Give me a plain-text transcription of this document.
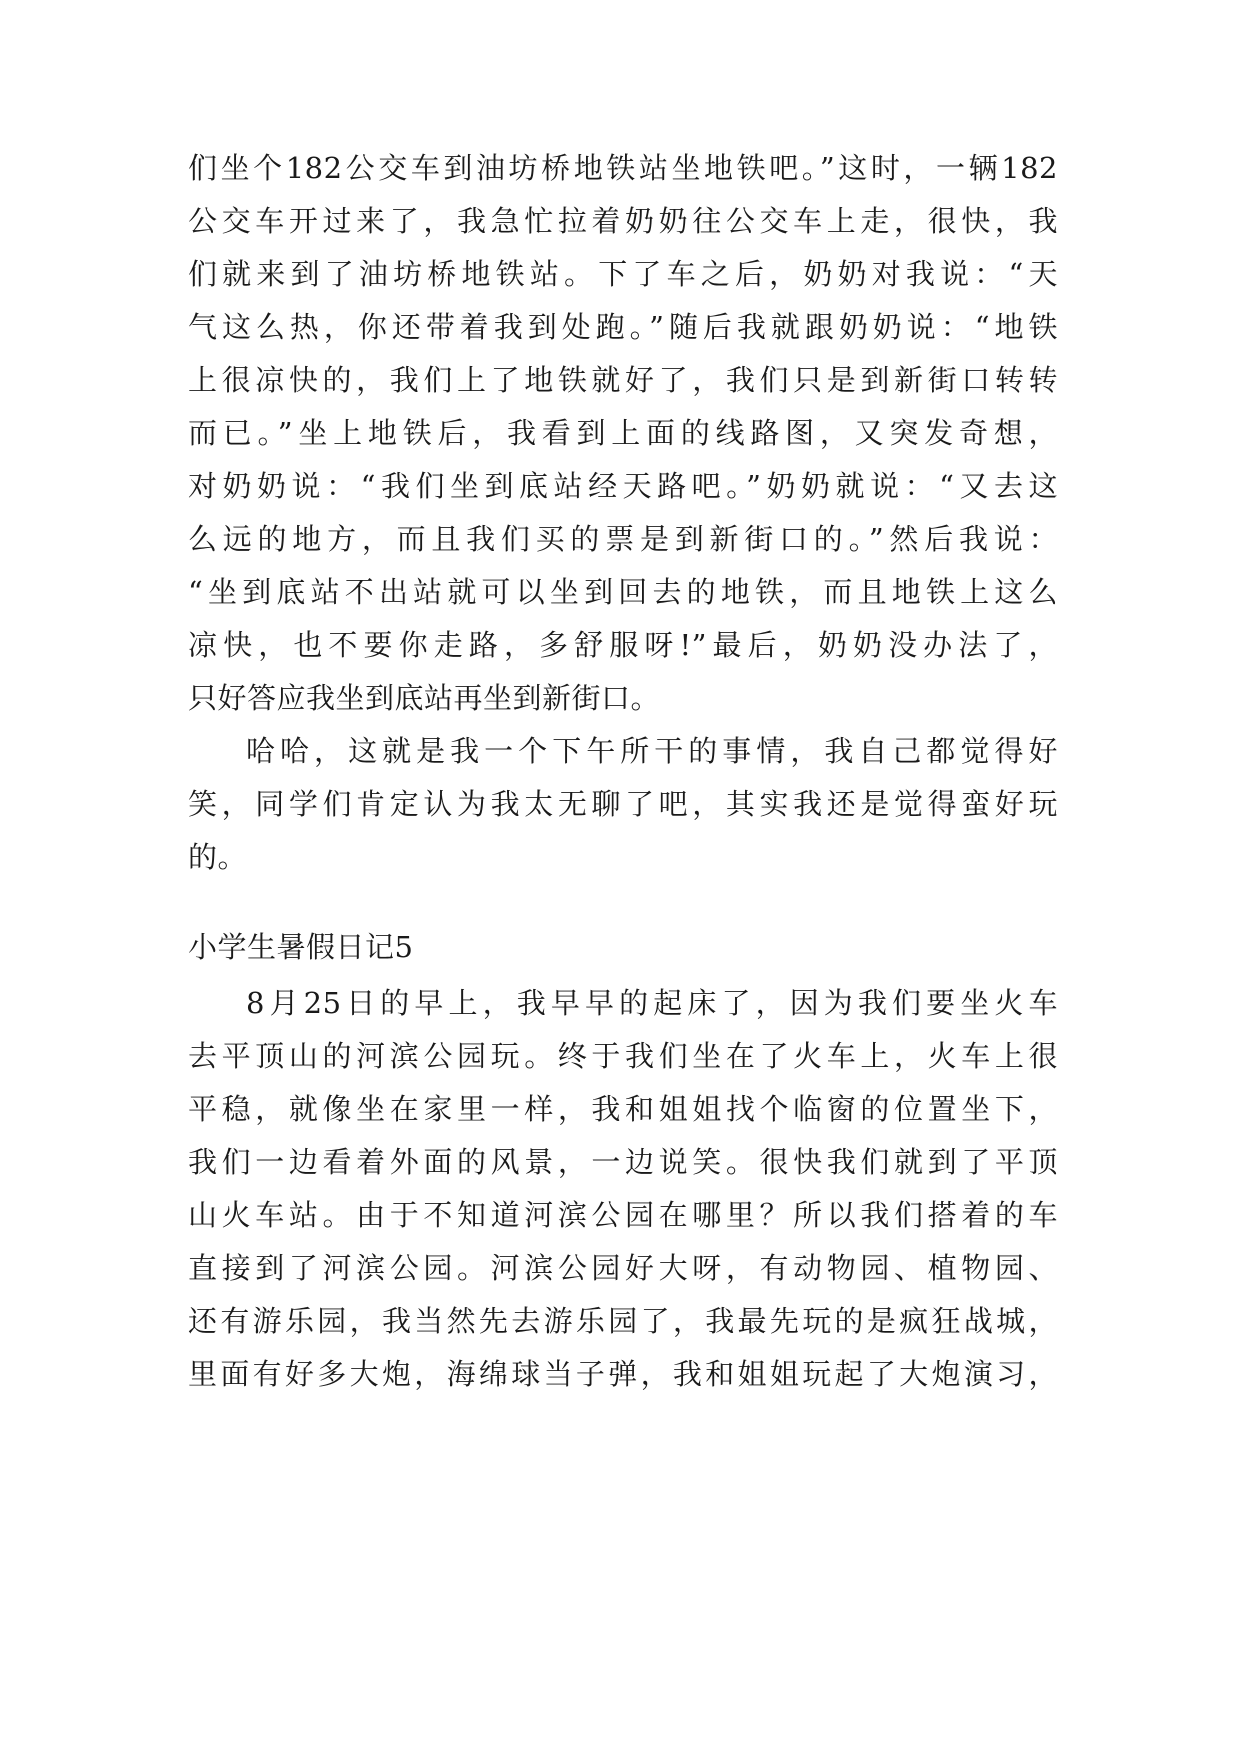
们坐个182公交车到油坊桥地铁站坐地铁吧。”这时，一辆182
公交车开过来了，我急忙拉着奶奶往公交车上走，很快，我
们就来到了油坊桥地铁站。下了车之后，奶奶对我说：“天
气这么热，你还带着我到处跑。”随后我就跟奶奶说：“地铁
上很凉快的，我们上了地铁就好了，我们只是到新街口转转
而已。”坐上地铁后，我看到上面的线路图，又突发奇想，
对奶奶说：“我们坐到底站经天路吧。”奶奶就说：“又去这
么远的地方，而且我们买的票是到新街口的。”然后我说：
“坐到底站不出站就可以坐到回去的地铁，而且地铁上这么
凉快，也不要你走路，多舒服呀!”最后，奶奶没办法了，
只好答应我坐到底站再坐到新街口。
哈哈，这就是我一个下午所干的事情，我自己都觉得好
笑，同学们肯定认为我太无聊了吧，其实我还是觉得蛮好玩
的。
小学生暑假日记5
8月25日的早上，我早早的起床了，因为我们要坐火车
去平顶山的河滨公园玩。终于我们坐在了火车上，火车上很
平稳，就像坐在家里一样，我和姐姐找个临窗的位置坐下，
我们一边看着外面的风景，一边说笑。很快我们就到了平顶
山火车站。由于不知道河滨公园在哪里？所以我们搭着的车
直接到了河滨公园。河滨公园好大呀，有动物园、植物园、
还有游乐园，我当然先去游乐园了，我最先玩的是疯狂战城，
里面有好多大炮，海绵球当子弹，我和姐姐玩起了大炮演习，
